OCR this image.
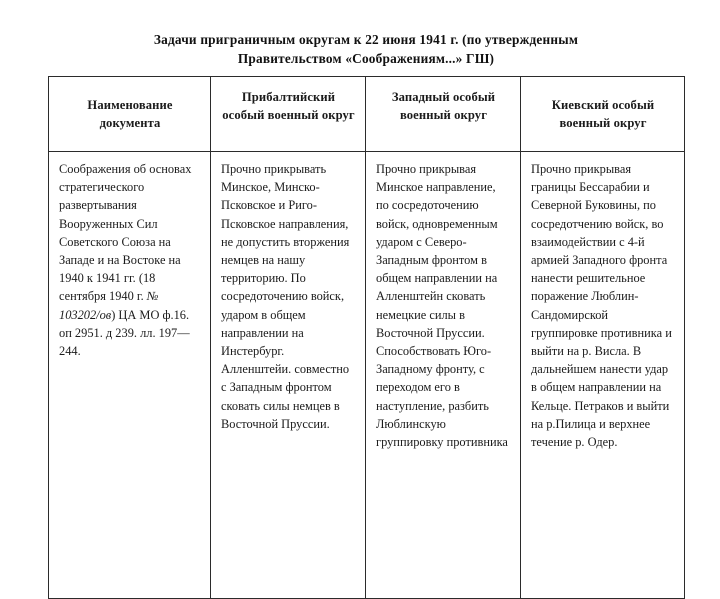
Задачи приграничным округам к 22 июня 1941 г. (по утвержденным
Правительством «Соображениям...» ГШ)
Наименование документа	Прибалтийский особый военный округ	Западный особый военный округ	Киевский особый военный округ
Соображения об основах стратегического развертывания Вооруженных Сил Советского Союза на Западе и на Востоке на 1940 к 1941 гг. (18 сентября 1940 г. № 103202/ов) ЦА МО ф.16. оп 2951. д 239. лл. 197—244.	Прочно прикрывать Минское, Минско-Псковское и Риго-Псковское направления, не допустить вторжения немцев на нашу территорию. По сосредоточению войск, ударом в общем направлении на Инстербург. Алленштейи. совместно с Западным фронтом сковать силы немцев в Восточной Пруссии.	Прочно прикрывая Минское направление, по сосредоточению войск, одновременным ударом с Северо-Западным фронтом в общем направлении на Алленштейн сковать немецкие силы в Восточной Пруссии. Способствовать Юго- Западному фронту, с переходом его в наступление, разбить Люблинскую группировку противника	Прочно прикрывая границы Бессарабии и Северной Буковины, по сосредотчению войск, во взаимодействии с 4-й армией Западного фронта нанести решительное поражение Люблин-Сандомирской группировке противника и выйти на р. Висла. В дальнейшем нанести удар в общем направлении на Кельце. Петраков и выйти на р.Пилица и верхнее течение р. Одер.
